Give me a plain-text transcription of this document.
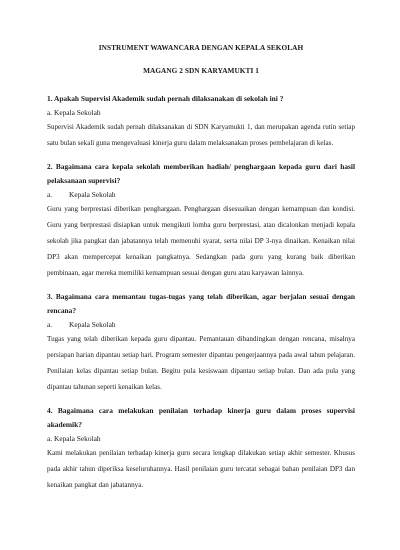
INSTRUMENT WAWANCARA DENGAN KEPALA SEKOLAH

MAGANG 2 SDN KARYAMUKTI 1

1. Apakah Supervisi Akademik sudah pernah dilaksanakan di sekolah ini ?

a. Kepala Sekolah

Supervisi Akademik sudah pernah dilaksanakan di SDN Karyamukti 1, dan merupakan agenda rutin setiap satu bulan sekali guna mengevaluasi kinerja guru dalam melaksanakan proses pembelajaran di kelas.

2. Bagaimana cara kepala sekolah memberikan hadiah/ penghargaan kepada guru dari hasil pelaksanaan supervisi?

a. Kepala Sekolah

Guru yang berprestasi diberikan penghargaan. Penghargaan disesuaikan dengan kemampuan dan kondisi. Guru yang berprestasi disiapkan untuk mengikuti lomba guru berprestasi, atau dicalonkan menjadi kepala sekolah jika pangkat dan jabatannya telah memenuhi syarat, serta nilai DP 3-nya dinaikan. Kenaikan nilai DP3 akan mempercepat kenaikan pangkatnya. Sedangkan pada guru yang kurang baik diberikan pembinaan, agar mereka memiliki kemampuan sesuai dengan guru atau karyawan lainnya.

3. Bagaimana cara memantau tugas-tugas yang telah diberikan, agar berjalan sesuai dengan rencana?

a. Kepala Sekolah

Tugas yang telah diberikan kepada guru dipantau. Pemantauan dibandingkan dengan rencana, misalnya persiapan harian dipantau setiap hari. Program semester dipantau pengerjaannya pada awal tahun pelajaran. Penilaian kelas dipantau setiap bulan. Begitu pula kesiswaan dipantau setiap bulan. Dan ada pula yang dipantau tahunan seperti kenaikan kelas.

4. Bagaimana cara melakukan penilaian terhadap kinerja guru dalam proses supervisi akademik?

a. Kepala Sekolah

Kami melakukan penilaian terhadap kinerja guru secara lengkap dilakukan setiap akhir semester. Khusus pada akhir tahun diperiksa keseluruhannya. Hasil penilaian guru tercatat sebagai bahan penilaian DP3 dan kenaikan pangkat dan jabatannya.
